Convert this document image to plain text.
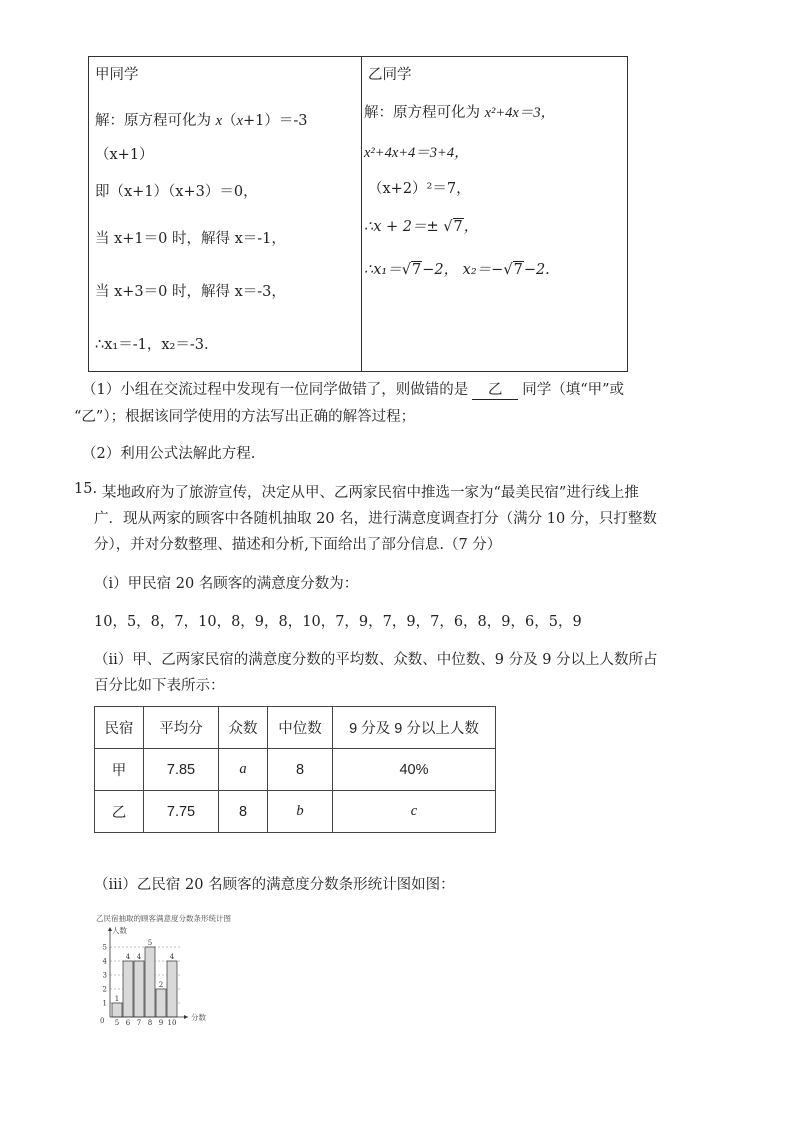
甲同学
解：原方程可化为 x（x+1）＝-3
（x+1）
即（x+1）（x+3）＝0，
当 x+1＝0 时，解得 x＝-1，
当 x+3＝0 时，解得 x＝-3，
∴x₁＝-1，x₂＝-3.
乙同学
解：原方程可化为 x²+4x＝3，
x²+4x+4＝3+4，
（x+2）²＝7，
∴x + 2＝± √7，
∴x₁＝√7−2， x₂＝−√7−2.
（1）小组在交流过程中发现有一位同学做错了，则做错的是 乙 同学（填“甲”或
“乙”）；根据该同学使用的方法写出正确的解答过程；
（2）利用公式法解此方程.
15. 某地政府为了旅游宣传，决定从甲、乙两家民宿中推选一家为“最美民宿”进行线上推
广．现从两家的顾客中各随机抽取 20 名，进行满意度调查打分（满分 10 分，只打整数
分），并对分数整理、描述和分析,下面给出了部分信息.（7 分）
（ⅰ）甲民宿 20 名顾客的满意度分数为：
10，5，8，7，10，8，9，8，10，7，9，7，9，7，6，8，9，6，5，9
（ⅱ）甲、乙两家民宿的满意度分数的平均数、众数、中位数、9 分及 9 分以上人数所占
百分比如下表所示：
民宿	平均分	众数	中位数	9 分及 9 分以上人数
甲	7.85	a	8	40%
乙	7.75	8	b	c
（ⅲ）乙民宿 20 名顾客的满意度分数条形统计图如图：
乙民宿抽取的顾客满意度分数条形统计图
人数
1
2
3
4
5
0
1
5
4
6
4
7
5
8
2
9
4
10
分数
